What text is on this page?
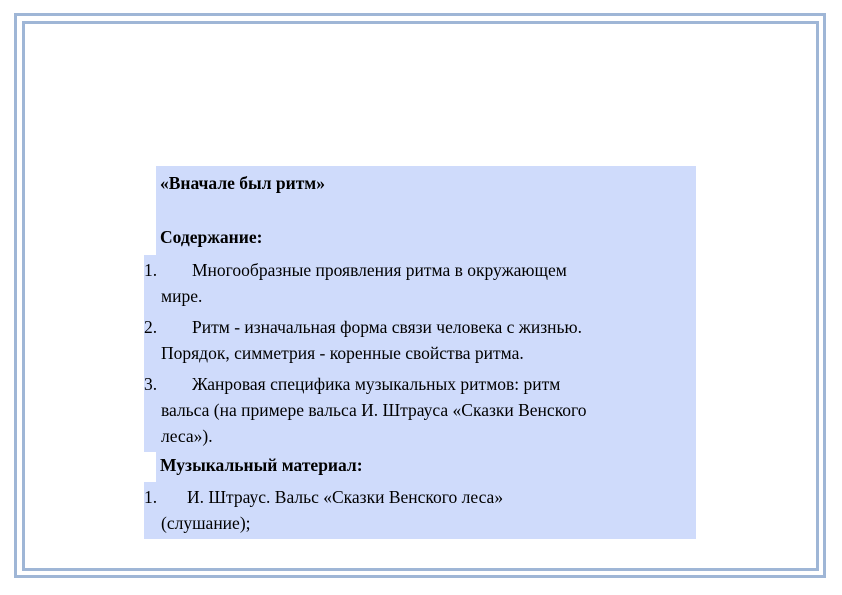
«Вначале был ритм»
Содержание:
1.	Многообразные проявления ритма в окружающем
мире.
2.	Ритм - изначальная форма связи человека с жизнью.
Порядок, симметрия - коренные свойства ритма.
3.	Жанровая специфика музыкальных ритмов: ритм
вальса (на примере вальса И. Штрауса «Сказки Венского
леса»).
Музыкальный материал:
1.	И. Штраус. Вальс «Сказки Венского леса»
(слушание);
